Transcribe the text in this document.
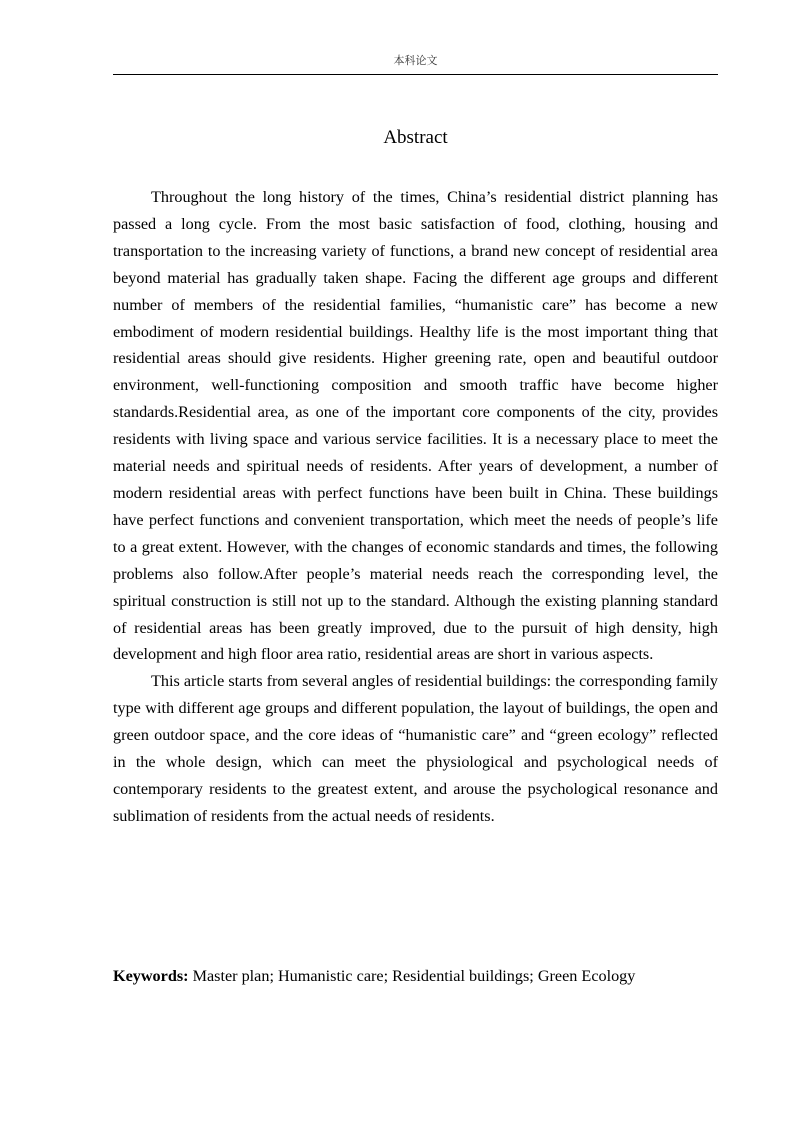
本科论文
Abstract

Throughout the long history of the times, China’s residential district planning has passed a long cycle. From the most basic satisfaction of food, clothing, housing and transportation to the increasing variety of functions, a brand new concept of residential area beyond material has gradually taken shape. Facing the different age groups and different number of members of the residential families, “humanistic care” has become a new embodiment of modern residential buildings. Healthy life is the most important thing that residential areas should give residents. Higher greening rate, open and beautiful outdoor environment, well-functioning composition and smooth traffic have become higher standards.Residential area, as one of the important core components of the city, provides residents with living space and various service facilities. It is a necessary place to meet the material needs and spiritual needs of residents. After years of development, a number of modern residential areas with perfect functions have been built in China. These buildings have perfect functions and convenient transportation, which meet the needs of people’s life to a great extent. However, with the changes of economic standards and times, the following problems also follow.After people’s material needs reach the corresponding level, the spiritual construction is still not up to the standard. Although the existing planning standard of residential areas has been greatly improved, due to the pursuit of high density, high development and high floor area ratio, residential areas are short in various aspects.

This article starts from several angles of residential buildings: the corresponding family type with different age groups and different population, the layout of buildings, the open and green outdoor space, and the core ideas of “humanistic care” and “green ecology” reflected in the whole design, which can meet the physiological and psychological needs of contemporary residents to the greatest extent, and arouse the psychological resonance and sublimation of residents from the actual needs of residents.

Keywords: Master plan; Humanistic care; Residential buildings; Green Ecology
